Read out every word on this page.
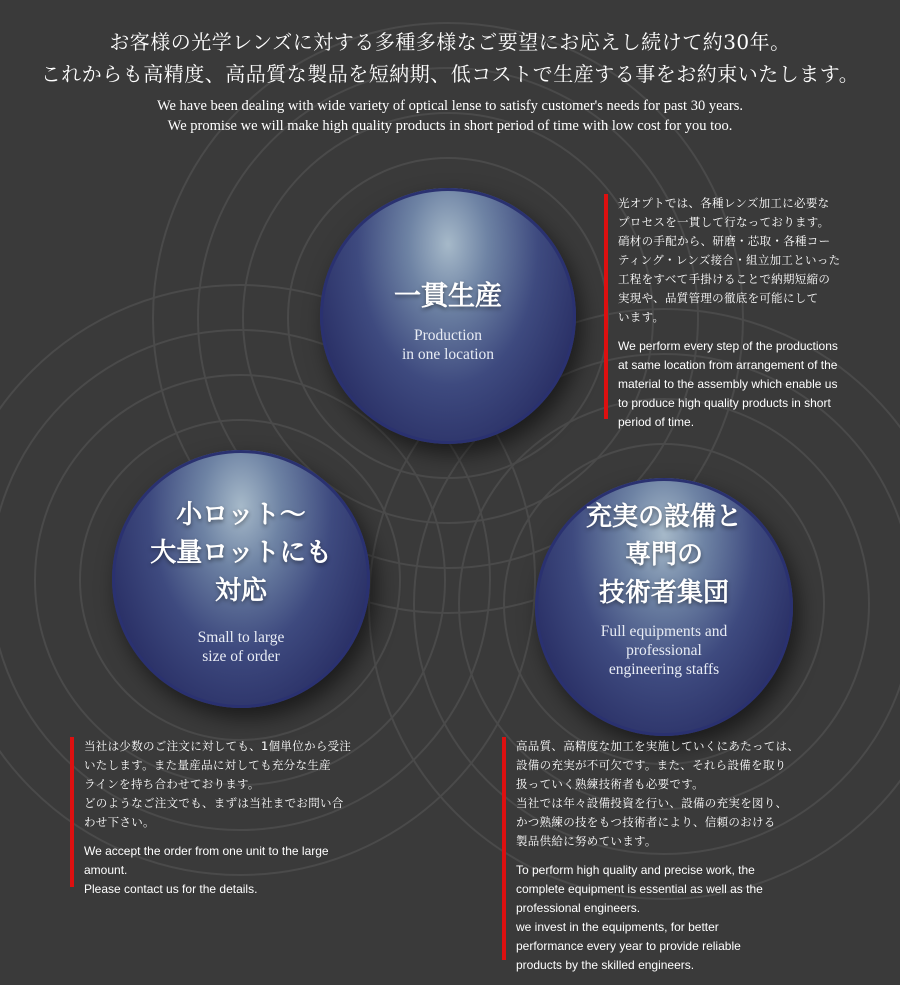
お客様の光学レンズに対する多種多様なご要望にお応えし続けて約30年。

これからも高精度、高品質な製品を短納期、低コストで生産する事をお約束いたします。

We have been dealing with wide variety of optical lense to satisfy customer's needs for past 30 years.

We promise we will make high quality products in short period of time with low cost for you too.

一貫生産

Production

in one location

小ロット〜

大量ロットにも

対応

Small to large

size of order

充実の設備と

専門の

技術者集団

Full equipments and

professional

engineering staffs

光オプトでは、各種レンズ加工に必要な

プロセスを一貫して行なっております。

硝材の手配から、研磨・芯取・各種コー

ティング・レンズ接合・組立加工といった

工程をすべて手掛けることで納期短縮の

実現や、品質管理の徹底を可能にして

います。

We perform every step of the productions

at same location from arrangement of the

material to the assembly which enable us

to produce high quality products in short

period of time.

当社は少数のご注文に対しても、1個単位から受注

いたします。また量産品に対しても充分な生産

ラインを持ち合わせております。

どのようなご注文でも、まずは当社までお問い合

わせ下さい。

We accept the order from one unit to the large

amount.

Please contact us for the details.

高品質、高精度な加工を実施していくにあたっては、

設備の充実が不可欠です。また、それら設備を取り

扱っていく熟練技術者も必要です。

当社では年々設備投資を行い、設備の充実を図り、

かつ熟練の技をもつ技術者により、信頼のおける

製品供給に努めています。

To perform high quality and precise work, the

complete equipment is essential as well as the

professional engineers.

we invest in the equipments, for better

performance every year to provide reliable

products by the skilled engineers.
